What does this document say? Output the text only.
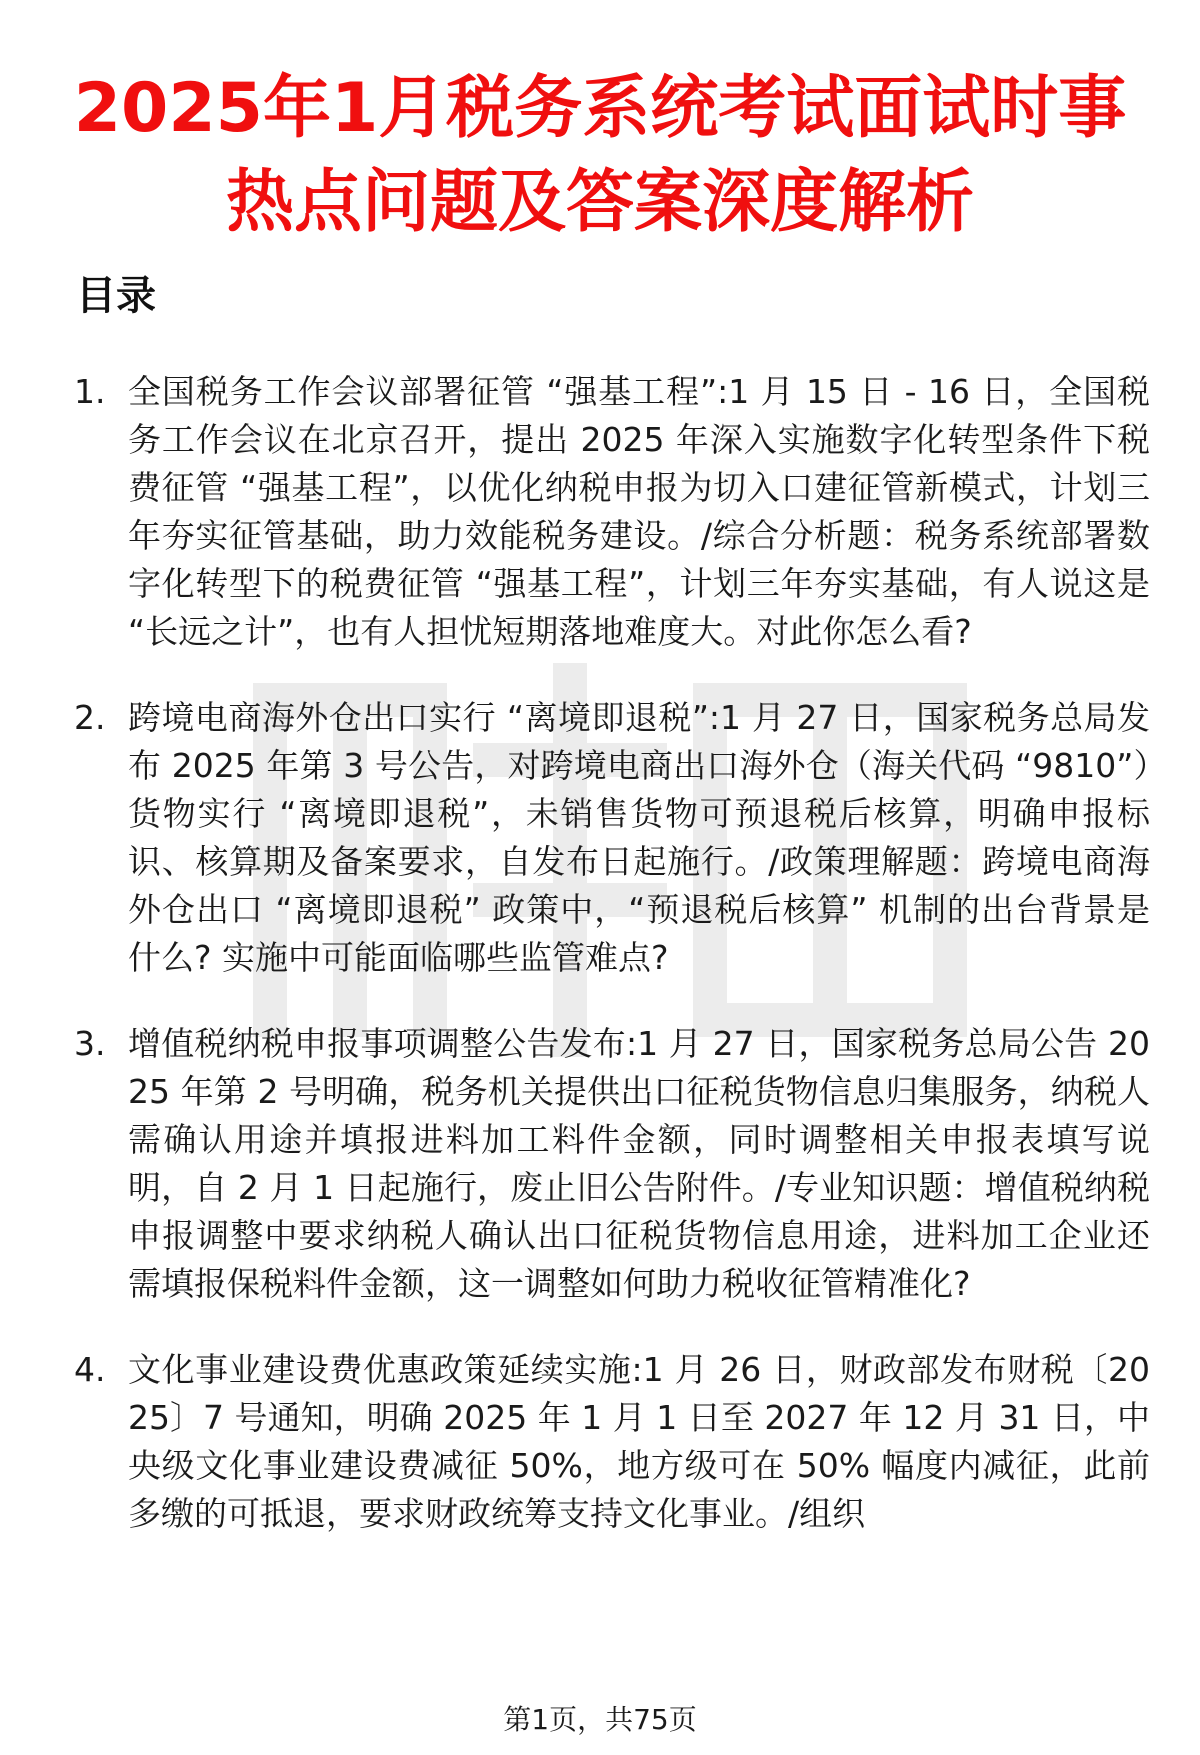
2025年1月税务系统考试面试时事
热点问题及答案深度解析
目录
1. 全国税务工作会议部署征管 “强基工程”:1 月 15 日 - 16 日，全国税务工作会议在北京召开，提出 2025 年深入实施数字化转型条件下税费征管 “强基工程”，以优化纳税申报为切入口建征管新模式，计划三年夯实征管基础，助力效能税务建设。/综合分析题：税务系统部署数字化转型下的税费征管 “强基工程”，计划三年夯实基础，有人说这是 “长远之计”，也有人担忧短期落地难度大。对此你怎么看?
2. 跨境电商海外仓出口实行 “离境即退税”:1 月 27 日，国家税务总局发布 2025 年第 3 号公告，对跨境电商出口海外仓（海关代码 “9810”）货物实行 “离境即退税”，未销售货物可预退税后核算，明确申报标识、核算期及备案要求，自发布日起施行。/政策理解题：跨境电商海外仓出口 “离境即退税” 政策中，“预退税后核算” 机制的出台背景是什么? 实施中可能面临哪些监管难点?
3. 增值税纳税申报事项调整公告发布:1 月 27 日，国家税务总局公告 2025 年第 2 号明确，税务机关提供出口征税货物信息归集服务，纳税人需确认用途并填报进料加工料件金额，同时调整相关申报表填写说明，自 2 月 1 日起施行，废止旧公告附件。/专业知识题：增值税纳税申报调整中要求纳税人确认出口征税货物信息用途，进料加工企业还需填报保税料件金额，这一调整如何助力税收征管精准化?
4. 文化事业建设费优惠政策延续实施:1 月 26 日，财政部发布财税〔2025〕7 号通知，明确 2025 年 1 月 1 日至 2027 年 12 月 31 日，中央级文化事业建设费减征 50%，地方级可在 50% 幅度内减征，此前多缴的可抵退，要求财政统筹支持文化事业。/组织
第1页，共75页
